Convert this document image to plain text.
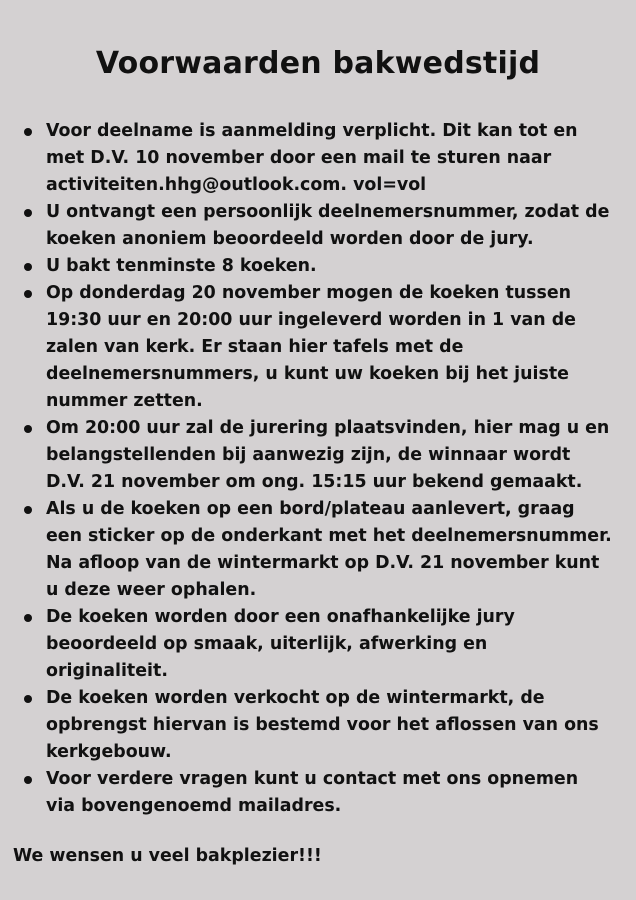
Voorwaarden bakwedstijd
Voor deelname is aanmelding verplicht. Dit kan tot en met D.V. 10 november door een mail te sturen naar activiteiten.hhg@outlook.com. vol=vol
U ontvangt een persoonlijk deelnemersnummer, zodat de koeken anoniem beoordeeld worden door de jury.
U bakt tenminste 8 koeken.
Op donderdag 20 november mogen de koeken tussen 19:30 uur en 20:00 uur ingeleverd worden in 1 van de zalen van kerk. Er staan hier tafels met de deelnemersnummers, u kunt uw koeken bij het juiste nummer zetten.
Om 20:00 uur zal de jurering plaatsvinden, hier mag u en belangstellenden bij aanwezig zijn, de winnaar wordt D.V. 21 november om ong. 15:15 uur bekend gemaakt.
Als u de koeken op een bord/plateau aanlevert, graag een sticker op de onderkant met het deelnemersnummer. Na afloop van de wintermarkt op D.V. 21 november kunt u deze weer ophalen.
De koeken worden door een onafhankelijke jury beoordeeld op smaak, uiterlijk, afwerking en originaliteit.
De koeken worden verkocht op de wintermarkt, de opbrengst hiervan is bestemd voor het aflossen van ons kerkgebouw.
Voor verdere vragen kunt u contact met ons opnemen via bovengenoemd mailadres.

We wensen u veel bakplezier!!!
